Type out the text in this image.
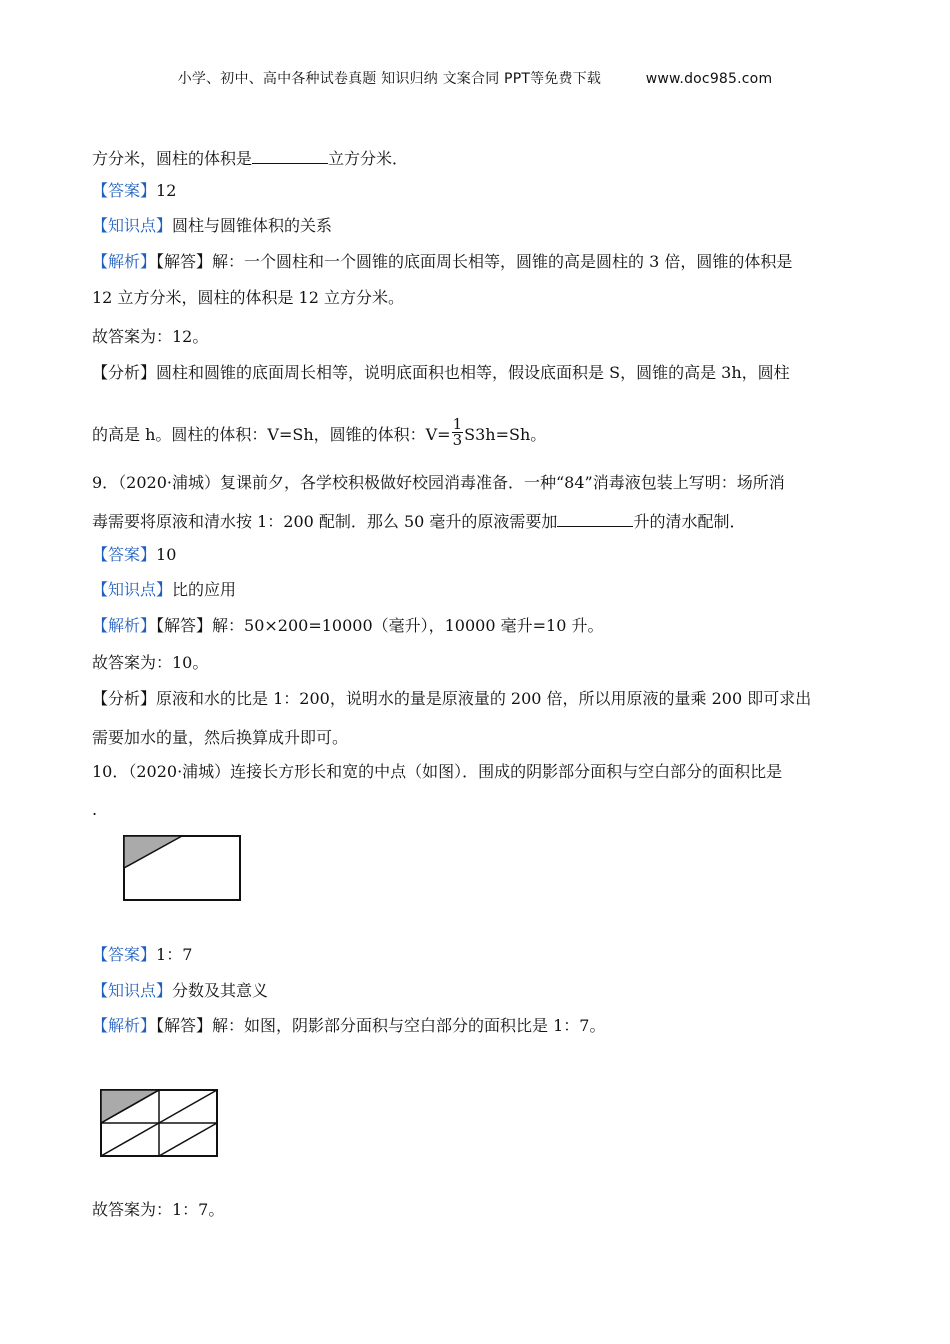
小学、初中、高中各种试卷真题 知识归纳 文案合同 PPT等免费下载	www.doc985.com
方分米，圆柱的体积是	立方分米．
【答案】12
【知识点】圆柱与圆锥体积的关系
【解析】【解答】解：一个圆柱和一个圆锥的底面周长相等，圆锥的高是圆柱的 3 倍，圆锥的体积是
12 立方分米，圆柱的体积是 12 立方分米。
故答案为：12。
【分析】圆柱和圆锥的底面周长相等，说明底面积也相等，假设底面积是 S，圆锥的高是 3h，圆柱
的高是 h。圆柱的体积：V=Sh，圆锥的体积：$V= \frac{1}{3} S3h=Sh$。
9．（2020·浦城）复课前夕，各学校积极做好校园消毒准备．一种“84”消毒液包装上写明：场所消
毒需要将原液和清水按 1：200 配制．那么 50 毫升的原液需要加	升的清水配制．
【答案】10
【知识点】比的应用
【解析】【解答】解：50×200=10000（毫升），10000 毫升=10 升。
故答案为：10。
【分析】原液和水的比是 1：200，说明水的量是原液量的 200 倍，所以用原液的量乘 200 即可求出
需要加水的量，然后换算成升即可。
10．（2020·浦城）连接长方形长和宽的中点（如图）．围成的阴影部分面积与空白部分的面积比是
.
【答案】1：7
【知识点】分数及其意义
【解析】【解答】解：如图，阴影部分面积与空白部分的面积比是 1：7。
故答案为：1：7。
